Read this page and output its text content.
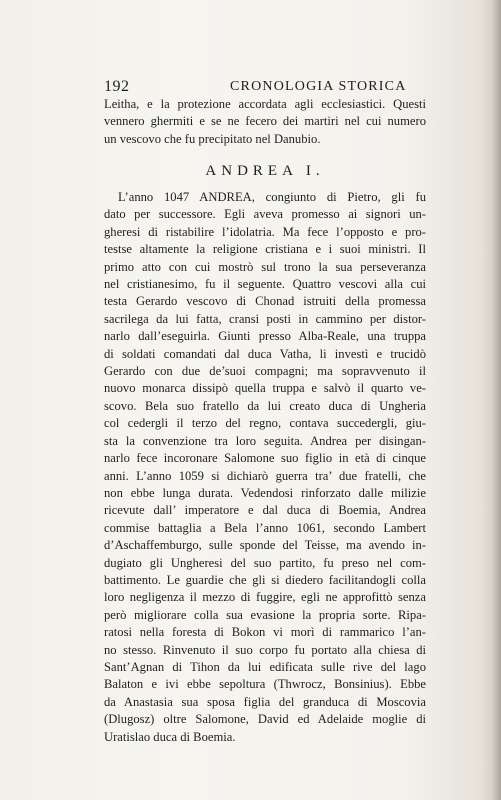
192	CRONOLOGIA STORICA
Leitha, e la protezione accordata agli ecclesiastici. Questi
vennero ghermiti e se ne fecero dei martiri nel cui numero
un vescovo che fu precipitato nel Danubio.
ANDREA I.
L’anno 1047 ANDREA, congiunto di Pietro, gli fu
dato per successore. Egli aveva promesso ai signori un-
gheresi di ristabilire l’idolatria. Ma fece l’opposto e pro-
testse altamente la religione cristiana e i suoi ministri. Il
primo atto con cui mostrò sul trono la sua perseveranza
nel cristianesimo, fu il seguente. Quattro vescovi alla cui
testa Gerardo vescovo di Chonad istruiti della promessa
sacrilega da lui fatta, cransi posti in cammino per distor-
narlo dall’eseguirla. Giunti presso Alba-Reale, una truppa
di soldati comandati dal duca Vatha, li investì e trucidò
Gerardo con due de’suoi compagni; ma sopravvenuto il
nuovo monarca dissipò quella truppa e salvò il quarto ve-
scovo. Bela suo fratello da lui creato duca di Ungheria
col cedergli il terzo del regno, contava succedergli, giu-
sta la convenzione tra loro seguita. Andrea per disingan-
narlo fece incoronare Salomone suo figlio in età di cinque
anni. L’anno 1059 si dichiarò guerra tra’ due fratelli, che
non ebbe lunga durata. Vedendosi rinforzato dalle milizie
ricevute dall’ imperatore e dal duca di Boemia, Andrea
commise battaglia a Bela l’anno 1061, secondo Lambert
d’Aschaffemburgo, sulle sponde del Teisse, ma avendo in-
dugiato gli Ungheresi del suo partito, fu preso nel com-
battimento. Le guardie che gli si diedero facilitandogli colla
loro negligenza il mezzo di fuggire, egli ne approfittò senza
però migliorare colla sua evasione la propria sorte. Ripa-
ratosi nella foresta di Bokon vi morì di rammarico l’an-
no stesso. Rinvenuto il suo corpo fu portato alla chiesa di
Sant’Agnan di Tihon da lui edificata sulle rive del lago
Balaton e ivi ebbe sepoltura (Thwrocz, Bonsinius). Ebbe
da Anastasia sua sposa figlia del granduca di Moscovia
(Dlugosz) oltre Salomone, David ed Adelaide moglie di
Uratislao duca di Boemia.
